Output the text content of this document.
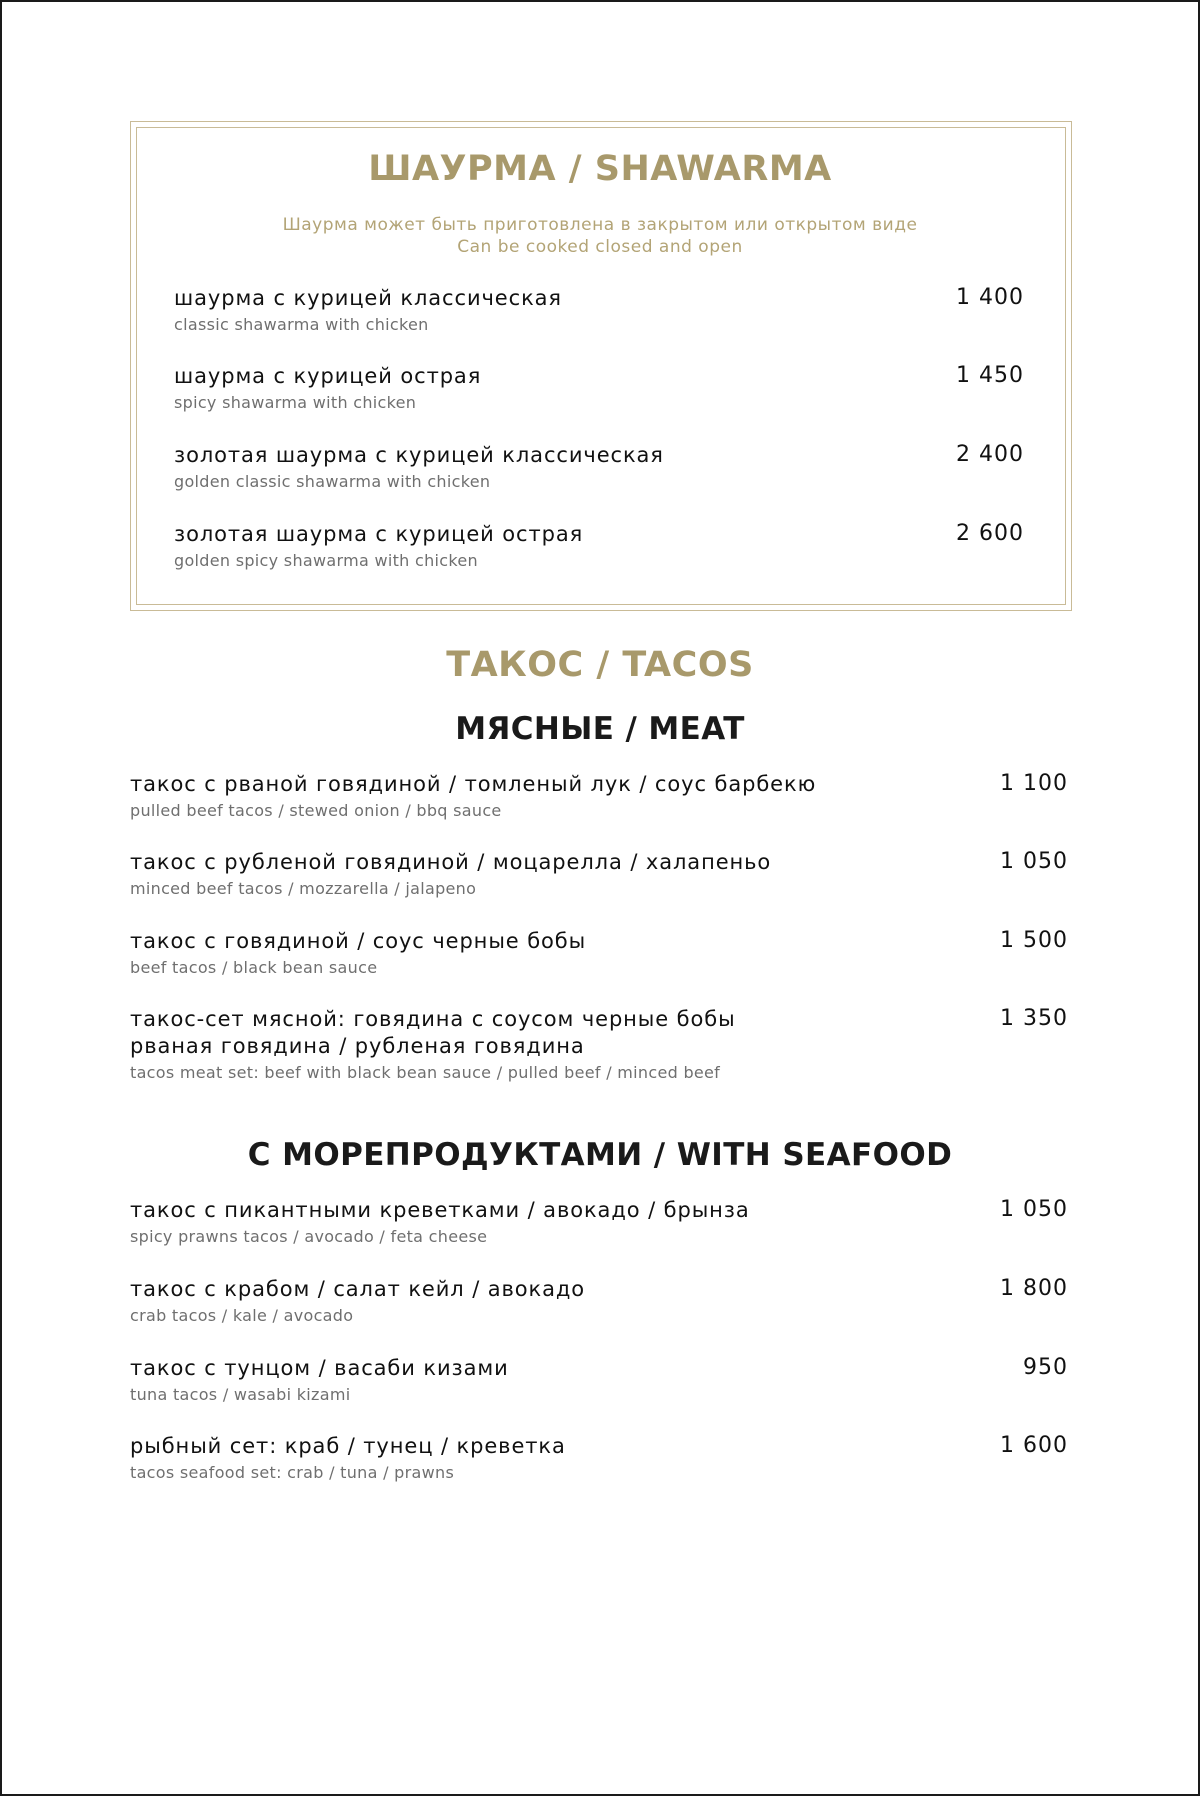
ШАУРМА / SHAWARMA
Шаурма может быть приготовлена в закрытом или открытом виде
Can be cooked closed and open
шаурма с курицей классическая
classic shawarma with chicken
1 400
шаурма с курицей острая
spicy shawarma with chicken
1 450
золотая шаурма с курицей классическая
golden classic shawarma with chicken
2 400
золотая шаурма с курицей острая
golden spicy shawarma with chicken
2 600
ТАКОС / TACOS
МЯСНЫЕ / MEAT
такос с рваной говядиной / томленый лук / соус барбекю
pulled beef tacos / stewed onion / bbq sauce
1 100
такос с рубленой говядиной / моцарелла / халапеньо
minced beef tacos / mozzarella / jalapeno
1 050
такос с говядиной / соус черные бобы
beef tacos / black bean sauce
1 500
такос-сет мясной: говядина с соусом черные бобы
рваная говядина / рубленая говядина
tacos meat set: beef with black bean sauce / pulled beef / minced beef
1 350
С МОРЕПРОДУКТАМИ / WITH SEAFOOD
такос с пикантными креветками / авокадо / брынза
spicy prawns tacos / avocado / feta cheese
1 050
такос с крабом / салат кейл / авокадо
crab tacos / kale / avocado
1 800
такос с тунцом / васаби кизами
tuna tacos / wasabi kizami
950
рыбный сет: краб / тунец / креветка
tacos seafood set: crab / tuna / prawns
1 600
